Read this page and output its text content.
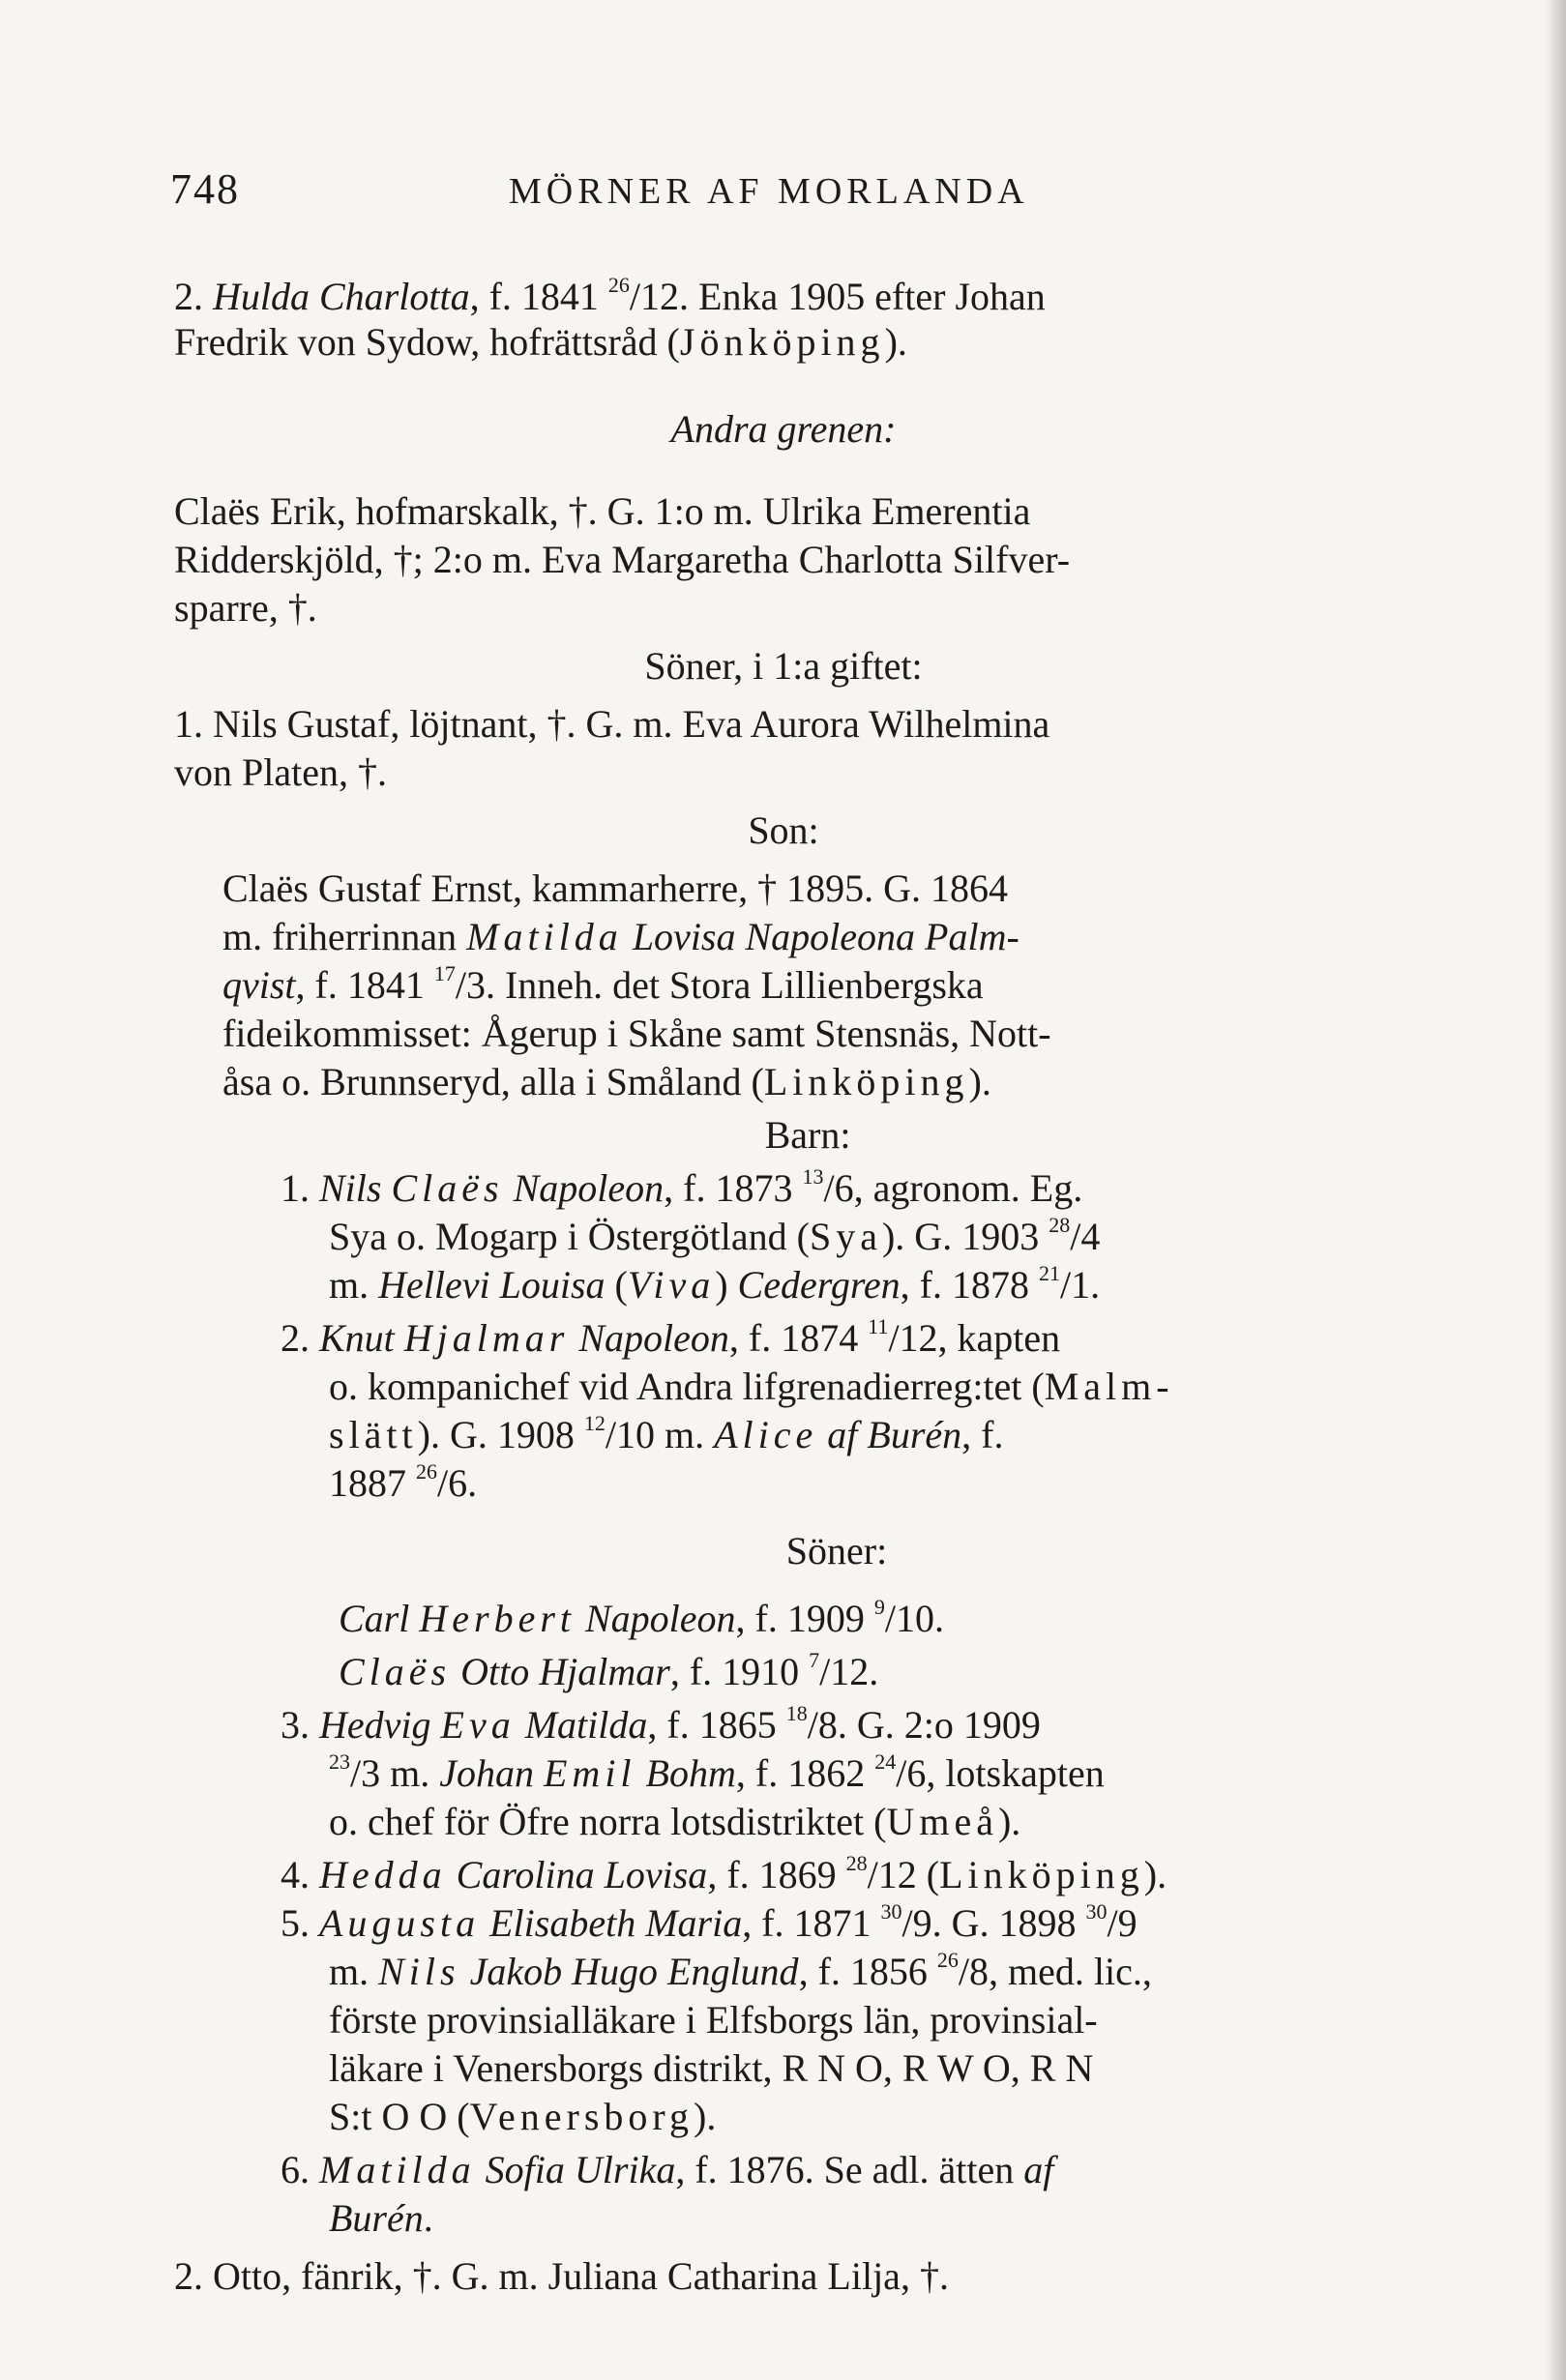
748	MÖRNER AF MORLANDA
2. Hulda Charlotta, f. 1841 $^{26}$/12. Enka 1905 efter Johan
Fredrik von Sydow, hofrättsråd (Jönköping).
Andra grenen:
Claës Erik, hofmarskalk, †. G. 1:o m. Ulrika Emerentia
Ridderskjöld, †; 2:o m. Eva Margaretha Charlotta Silfver-
sparre, †.
Söner, i 1:a giftet:
1. Nils Gustaf, löjtnant, †. G. m. Eva Aurora Wilhelmina
von Platen, †.
Son:
Claës Gustaf Ernst, kammarherre, † 1895. G. 1864
m. friherrinnan Matilda Lovisa Napoleona Palm-
qvist, f. 1841 $^{17}$/3. Inneh. det Stora Lillienbergska
fideikommisset: Ågerup i Skåne samt Stensnäs, Nott-
åsa o. Brunnseryd, alla i Småland (Linköping).
Barn:
1. Nils Claës Napoleon, f. 1873 $^{13}$/6, agronom. Eg.
Sya o. Mogarp i Östergötland (Sya). G. 1903 $^{28}$/4
m. Hellevi Louisa (Viva) Cedergren, f. 1878 $^{21}$/1.
2. Knut Hjalmar Napoleon, f. 1874 $^{11}$/12, kapten
o. kompanichef vid Andra lifgrenadierreg:tet (Malm-
slätt). G. 1908 $^{12}$/10 m. Alice af Burén, f.
1887 $^{26}$/6.
Söner:
Carl Herbert Napoleon, f. 1909 $^9$/10.
Claës Otto Hjalmar, f. 1910 $^7$/12.
3. Hedvig Eva Matilda, f. 1865 $^{18}$/8. G. 2:o 1909
$^{23}$/3 m. Johan Emil Bohm, f. 1862 $^{24}$/6, lotskapten
o. chef för Öfre norra lotsdistriktet (Umeå).
4. Hedda Carolina Lovisa, f. 1869 $^{28}$/12 (Linköping).
5. Augusta Elisabeth Maria, f. 1871 $^{30}$/9. G. 1898 $^{30}$/9
m. Nils Jakob Hugo Englund, f. 1856 $^{26}$/8, med. lic.,
förste provinsialläkare i Elfsborgs län, provinsial-
läkare i Venersborgs distrikt, R N O, R W O, R N
S:t O O (Venersborg).
6. Matilda Sofia Ulrika, f. 1876. Se adl. ätten af
Burén.
2. Otto, fänrik, †. G. m. Juliana Catharina Lilja, †.
